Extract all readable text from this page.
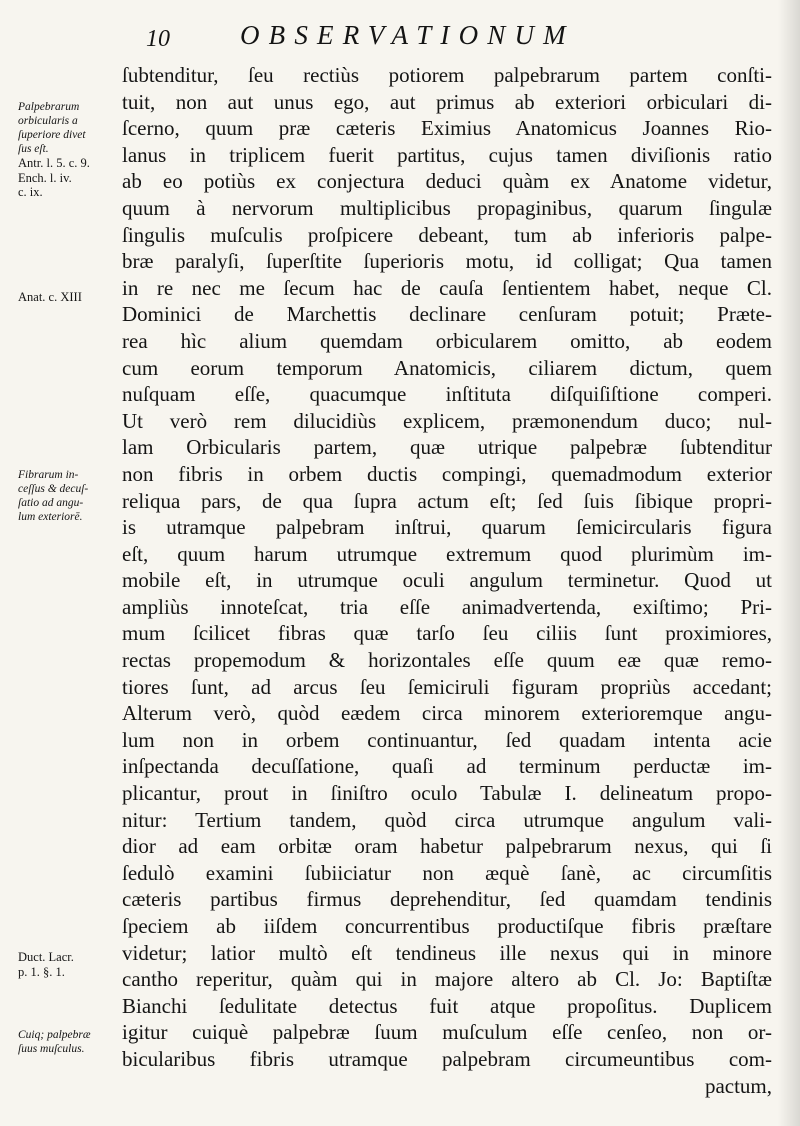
10	OBSERVATIONUM
Palpebrarum
orbicularis a
ſuperiore divet
ſus eſt.
Antr. l. 5. c. 9.
Ench. l. iv.
c. ix.
Anat. c. XIII
Fibrarum in-
ceſſus & decuſ-
ſatio ad angu-
lum exteriorē.
Duct. Lacr.
p. 1. §. 1.
Cuiq; palpebræ
ſuus muſculus.
ſubtenditur, ſeu rectiùs potiorem palpebrarum partem conſti-
tuit, non aut unus ego, aut primus ab exteriori orbiculari di-
ſcerno, quum præ cæteris Eximius Anatomicus Joannes Rio-
lanus in triplicem fuerit partitus, cujus tamen diviſionis ratio
ab eo potiùs ex conjectura deduci quàm ex Anatome videtur,
quum à nervorum multiplicibus propaginibus, quarum ſingulæ
ſingulis muſculis proſpicere debeant, tum ab inferioris palpe-
bræ paralyſi, ſuperſtite ſuperioris motu, id colligat; Qua tamen
in re nec me ſecum hac de cauſa ſentientem habet, neque Cl.
Dominici de Marchettis declinare cenſuram potuit; Præte-
rea hìc alium quemdam orbicularem omitto, ab eodem
cum eorum temporum Anatomicis, ciliarem dictum, quem
nuſquam eſſe, quacumque inſtituta diſquiſiſtione comperi.
Ut verò rem dilucidiùs explicem, præmonendum duco; nul-
lam Orbicularis partem, quæ utrique palpebræ ſubtenditur
non fibris in orbem ductis compingi, quemadmodum exterior
reliqua pars, de qua ſupra actum eſt; ſed ſuis ſibique propri-
is utramque palpebram inſtrui, quarum ſemicircularis figura
eſt, quum harum utrumque extremum quod plurimùm im-
mobile eſt, in utrumque oculi angulum terminetur. Quod ut
ampliùs innoteſcat, tria eſſe animadvertenda, exiſtimo; Pri-
mum ſcilicet fibras quæ tarſo ſeu ciliis ſunt proximiores,
rectas propemodum & horizontales eſſe quum eæ quæ remo-
tiores ſunt, ad arcus ſeu ſemiciruli figuram propriùs accedant;
Alterum verò, quòd eædem circa minorem exterioremque angu-
lum non in orbem continuantur, ſed quadam intenta acie
inſpectanda decuſſatione, quaſi ad terminum perductæ im-
plicantur, prout in ſiniſtro oculo Tabulæ I. delineatum propo-
nitur: Tertium tandem, quòd circa utrumque angulum vali-
dior ad eam orbitæ oram habetur palpebrarum nexus, qui ſi
ſedulò examini ſubiiciatur non æquè ſanè, ac circumſitis
cæteris partibus firmus deprehenditur, ſed quamdam tendinis
ſpeciem ab iiſdem concurrentibus productiſque fibris præſtare
videtur; latior multò eſt tendineus ille nexus qui in minore
cantho reperitur, quàm qui in majore altero ab Cl. Jo: Baptiſtæ
Bianchi ſedulitate detectus fuit atque propoſitus. Duplicem
igitur cuiquè palpebræ ſuum muſculum eſſe cenſeo, non or-
bicularibus fibris utramque palpebram circumeuntibus com-
pactum,
